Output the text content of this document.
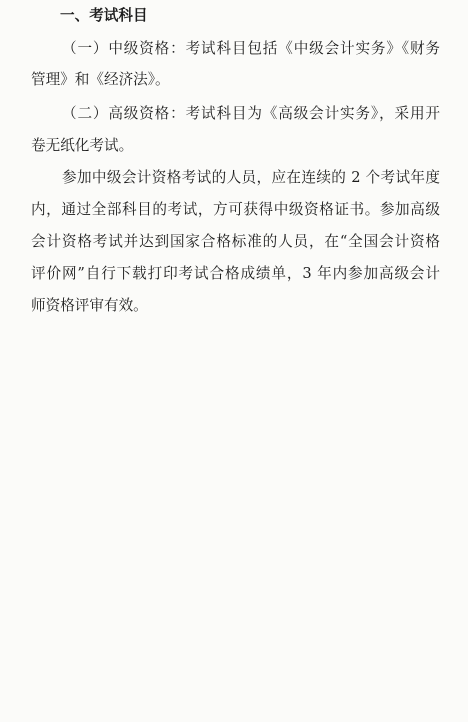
一、考试科目
（一）中级资格：考试科目包括《中级会计实务》《财务
管理》和《经济法》。
（二）高级资格：考试科目为《高级会计实务》，采用开
卷无纸化考试。
参加中级会计资格考试的人员，应在连续的 2 个考试年度
内，通过全部科目的考试，方可获得中级资格证书。参加高级
会计资格考试并达到国家合格标准的人员，在“全国会计资格
评价网”自行下载打印考试合格成绩单，3 年内参加高级会计
师资格评审有效。
